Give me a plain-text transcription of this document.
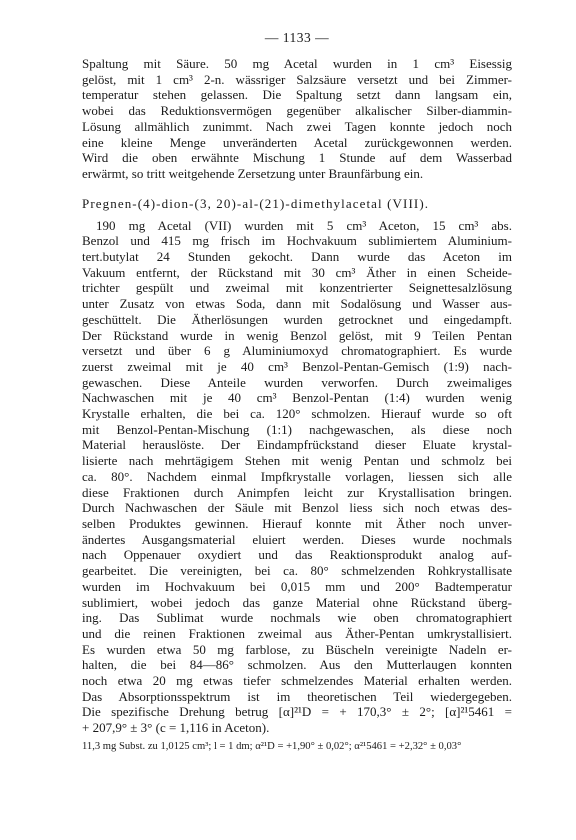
— 1133 —

Spaltung mit Säure. 50 mg Acetal wurden in 1 cm³ Eisessig
gelöst, mit 1 cm³ 2-n. wässriger Salzsäure versetzt und bei Zimmer-
temperatur stehen gelassen. Die Spaltung setzt dann langsam ein,
wobei das Reduktionsvermögen gegenüber alkalischer Silber-diammin-
Lösung allmählich zunimmt. Nach zwei Tagen konnte jedoch noch
eine kleine Menge unveränderten Acetal zurückgewonnen werden.
Wird die oben erwähnte Mischung 1 Stunde auf dem Wasserbad
erwärmt, so tritt weitgehende Zersetzung unter Braunfärbung ein.

Pregnen-(4)-dion-(3, 20)-al-(21)-dimethylacetal (VIII).

190 mg Acetal (VII) wurden mit 5 cm³ Aceton, 15 cm³ abs.
Benzol und 415 mg frisch im Hochvakuum sublimiertem Aluminium-
tert.butylat 24 Stunden gekocht. Dann wurde das Aceton im
Vakuum entfernt, der Rückstand mit 30 cm³ Äther in einen Scheide-
trichter gespült und zweimal mit konzentrierter Seignettesalzlösung
unter Zusatz von etwas Soda, dann mit Sodalösung und Wasser aus-
geschüttelt. Die Ätherlösungen wurden getrocknet und eingedampft.
Der Rückstand wurde in wenig Benzol gelöst, mit 9 Teilen Pentan
versetzt und über 6 g Aluminiumoxyd chromatographiert. Es wurde
zuerst zweimal mit je 40 cm³ Benzol-Pentan-Gemisch (1:9) nach-
gewaschen. Diese Anteile wurden verworfen. Durch zweimaliges
Nachwaschen mit je 40 cm³ Benzol-Pentan (1:4) wurden wenig
Krystalle erhalten, die bei ca. 120° schmolzen. Hierauf wurde so oft
mit Benzol-Pentan-Mischung (1:1) nachgewaschen, als diese noch
Material herauslöste. Der Eindampfrückstand dieser Eluate krystal-
lisierte nach mehrtägigem Stehen mit wenig Pentan und schmolz bei
ca. 80°. Nachdem einmal Impfkrystalle vorlagen, liessen sich alle
diese Fraktionen durch Animpfen leicht zur Krystallisation bringen.
Durch Nachwaschen der Säule mit Benzol liess sich noch etwas des-
selben Produktes gewinnen. Hierauf konnte mit Äther noch unver-
ändertes Ausgangsmaterial eluiert werden. Dieses wurde nochmals
nach Oppenauer oxydiert und das Reaktionsprodukt analog auf-
gearbeitet. Die vereinigten, bei ca. 80° schmelzenden Rohkrystallisate
wurden im Hochvakuum bei 0,015 mm und 200° Badtemperatur
sublimiert, wobei jedoch das ganze Material ohne Rückstand überg-
ing. Das Sublimat wurde nochmals wie oben chromatographiert
und die reinen Fraktionen zweimal aus Äther-Pentan umkrystallisiert.
Es wurden etwa 50 mg farblose, zu Büscheln vereinigte Nadeln er-
halten, die bei 84—86° schmolzen. Aus den Mutterlaugen konnten
noch etwa 20 mg etwas tiefer schmelzendes Material erhalten werden.
Das Absorptionsspektrum ist im theoretischen Teil wiedergegeben.
Die spezifische Drehung betrug [α]²¹D = + 170,3° ± 2°; [α]²¹5461 =
+ 207,9° ± 3° (c = 1,116 in Aceton).

11,3 mg Subst. zu 1,0125 cm³; l = 1 dm; α²¹D = +1,90° ± 0,02°; α²¹5461 = +2,32° ± 0,03°
